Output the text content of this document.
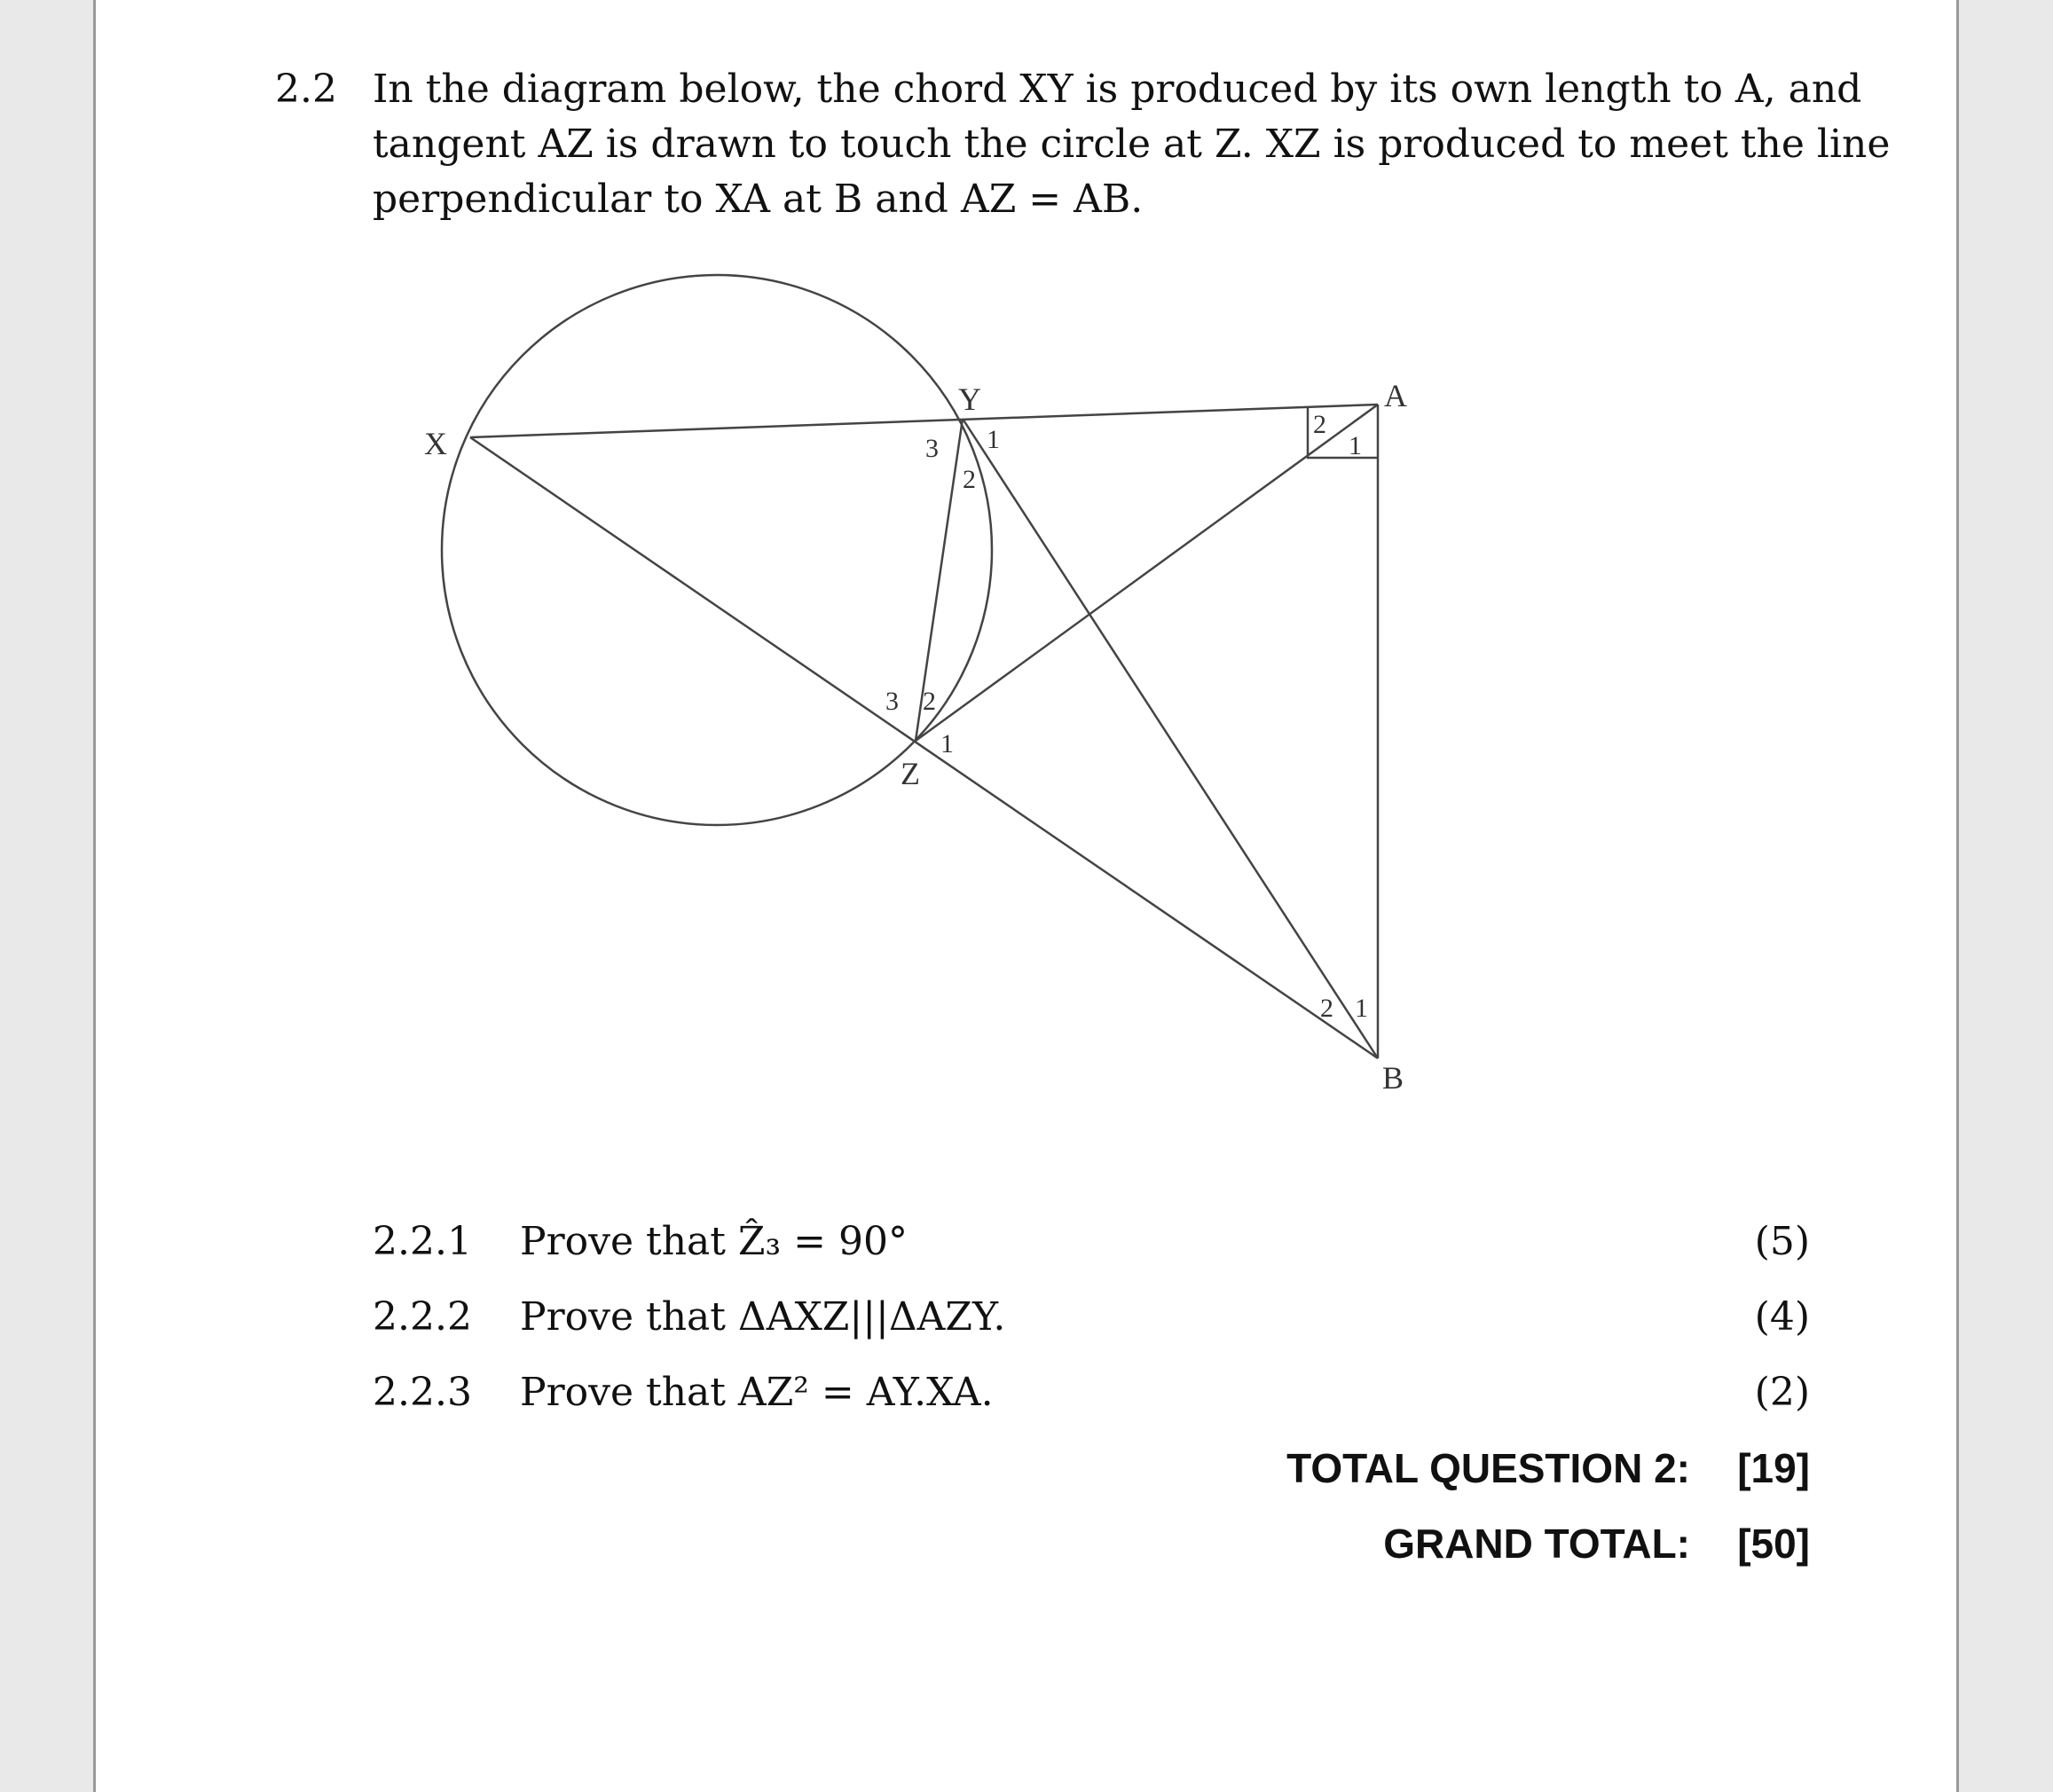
2.2 In the diagram below, the chord XY is produced by its own length to A, and
tangent AZ is drawn to touch the circle at Z. XZ is produced to meet the line
perpendicular to XA at B and AZ = AB.
X
Y	A
Z
B
3 1
2
3 2
1
2
1
2 1
2.2.1 Prove that Ẑ₃ = 90°	(5)
2.2.2 Prove that ΔAXZ|||ΔAZY.	(4)
2.2.3 Prove that AZ² = AY.XA.	(2)
TOTAL QUESTION 2: [19]
GRAND TOTAL: [50]
